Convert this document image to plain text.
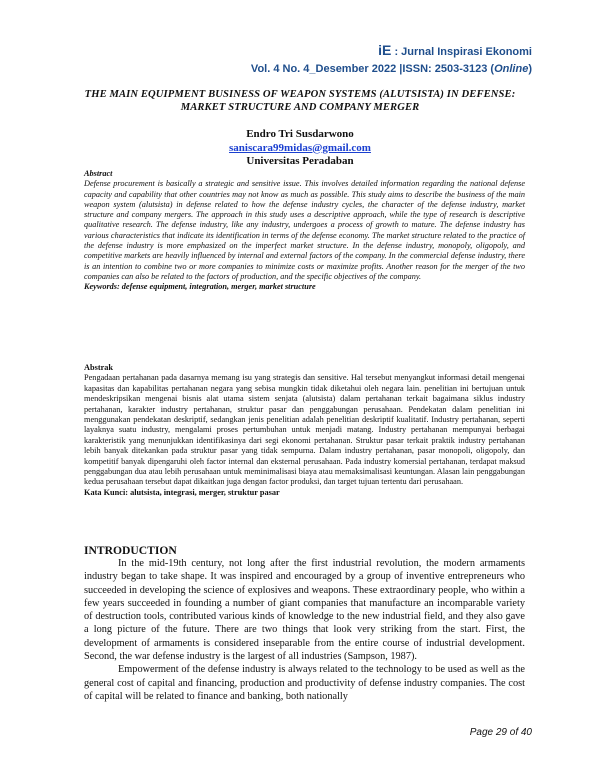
iE : Jurnal Inspirasi Ekonomi
Vol. 4 No. 4_Desember 2022 |ISSN: 2503-3123 (Online)
THE MAIN EQUIPMENT BUSINESS OF WEAPON SYSTEMS (ALUTSISTA) IN DEFENSE: MARKET STRUCTURE AND COMPANY MERGER
Endro Tri Susdarwono
saniscara99midas@gmail.com
Universitas Peradaban
Abstract
Defense procurement is basically a strategic and sensitive issue. This involves detailed information regarding the national defense capacity and capability that other countries may not know as much as possible. This study aims to describe the business of the main weapon system (alutsista) in defense related to how the defense industry cycles, the character of the defense industry, market structure and company mergers. The approach in this study uses a descriptive approach, while the type of research is descriptive qualitative research. The defense industry, like any industry, undergoes a process of growth to mature. The defense industry has various characteristics that indicate its identification in terms of the defense economy. The market structure related to the practice of the defense industry is more emphasized on the imperfect market structure. In the defense industry, monopoly, oligopoly, and competitive markets are heavily influenced by internal and external factors of the company. In the commercial defense industry, there is an intention to combine two or more companies to minimize costs or maximize profits. Another reason for the merger of the two companies can also be related to the factors of production, and the specific objectives of the company.
Keywords: defense equipment, integration, merger, market structure
Abstrak
Pengadaan pertahanan pada dasarnya memang isu yang strategis dan sensitive. Hal tersebut menyangkut informasi detail mengenai kapasitas dan kapabilitas pertahanan negara yang sebisa mungkin tidak diketahui oleh negara lain. penelitian ini bertujuan untuk mendeskripsikan mengenai bisnis alat utama sistem senjata (alutsista) dalam pertahanan terkait bagaimana siklus industry pertahanan, karakter industry pertahanan, struktur pasar dan penggabungan perusahaan. Pendekatan dalam penelitian ini menggunakan pendekatan deskriptif, sedangkan jenis penelitian adalah penelitian deskriptif kualitatif. Industry pertahanan, seperti layaknya suatu industry, mengalami proses pertumbuhan untuk menjadi matang. Industry pertahanan mempunyai berbagai karakteristik yang menunjukkan identifikasinya dari segi ekonomi pertahanan. Struktur pasar terkait praktik industry pertahanan lebih banyak ditekankan pada struktur pasar yang tidak sempurna. Dalam industry pertahanan, pasar monopoli, oligopoly, dan kompetitif banyak dipengaruhi oleh factor internal dan eksternal perusahaan. Pada industry komersial pertahanan, terdapat maksud penggabungan dua atau lebih perusahaan untuk meminimalisasi biaya atau memaksimalisasi keuntungan. Alasan lain penggabungan kedua perusahaan tersebut dapat dikaitkan juga dengan factor produksi, dan target tujuan tertentu dari perusahaan.
Kata Kunci: alutsista, integrasi, merger, struktur pasar
INTRODUCTION

In the mid-19th century, not long after the first industrial revolution, the modern armaments industry began to take shape. It was inspired and encouraged by a group of inventive entrepreneurs who succeeded in developing the science of explosives and weapons. These extraordinary people, who within a few years succeeded in founding a number of giant companies that manufacture an incomparable variety of destruction tools, contributed various kinds of knowledge to the new industrial field, and they also gave a long picture of the future. There are two things that look very striking from the start. First, the development of armaments is considered inseparable from the entire course of industrial development. Second, the war defense industry is the largest of all industries (Sampson, 1987).

Empowerment of the defense industry is always related to the technology to be used as well as the general cost of capital and financing, production and productivity of defense industry companies. The cost of capital will be related to finance and banking, both nationally

Page 29 of 40
